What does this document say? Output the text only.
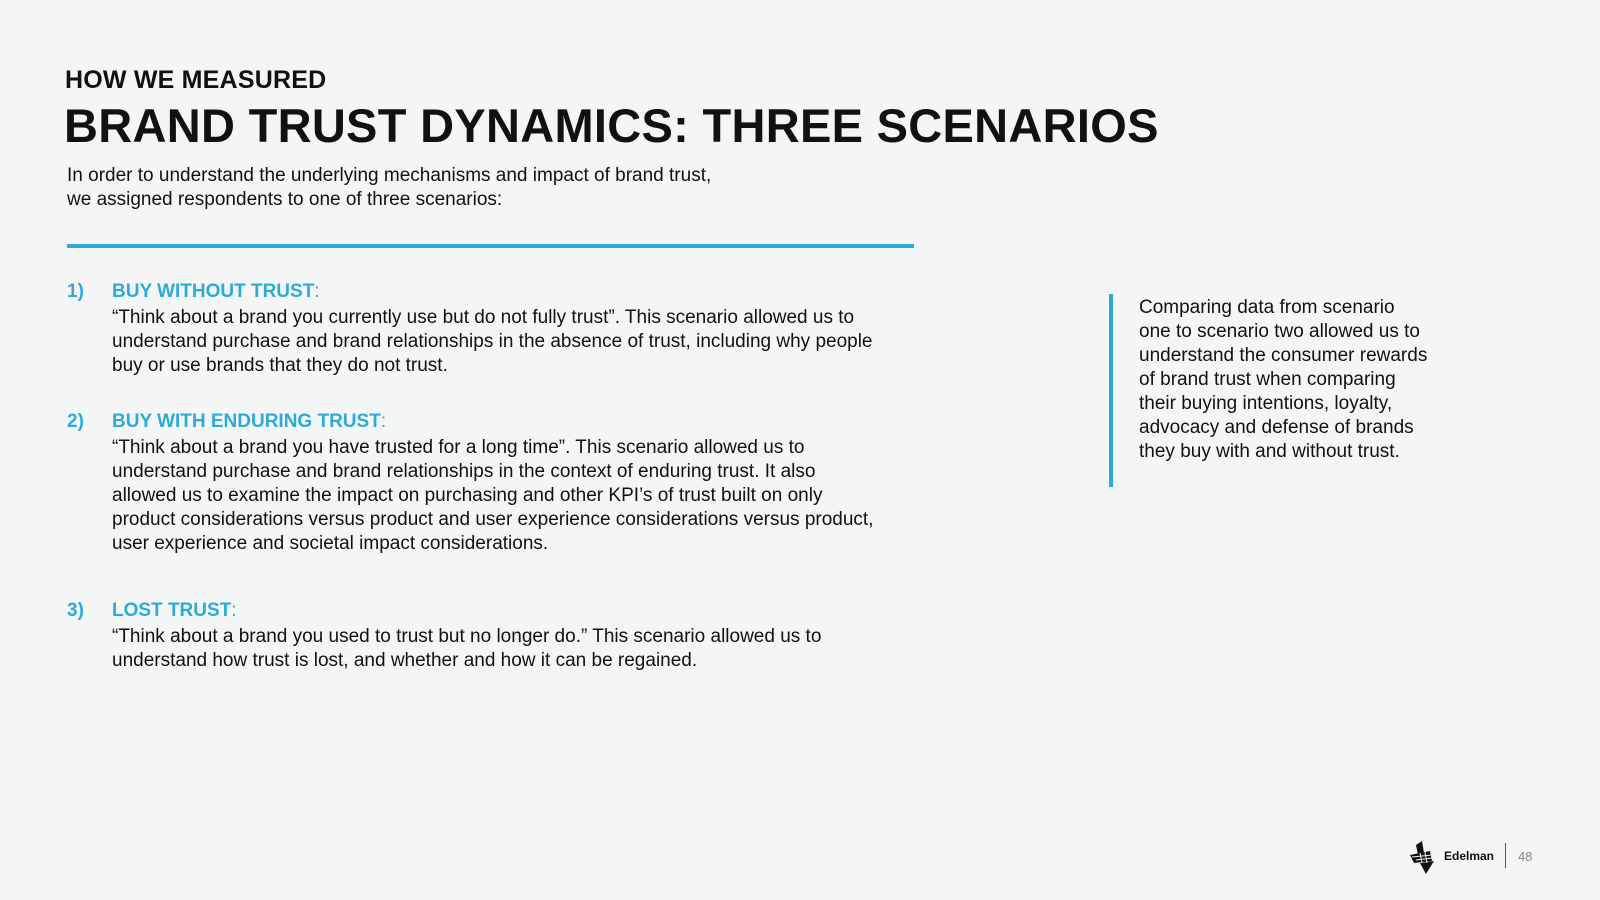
HOW WE MEASURED
BRAND TRUST DYNAMICS: THREE SCENARIOS
In order to understand the underlying mechanisms and impact of brand trust,
we assigned respondents to one of three scenarios:
1) BUY WITHOUT TRUST:
“Think about a brand you currently use but do not fully trust”. This scenario allowed us to understand purchase and brand relationships in the absence of trust, including why people buy or use brands that they do not trust.
2) BUY WITH ENDURING TRUST:
“Think about a brand you have trusted for a long time”. This scenario allowed us to understand purchase and brand relationships in the context of enduring trust. It also allowed us to examine the impact on purchasing and other KPI’s of trust built on only product considerations versus product and user experience considerations versus product, user experience and societal impact considerations.
3) LOST TRUST:
“Think about a brand you used to trust but no longer do.” This scenario allowed us to understand how trust is lost, and whether and how it can be regained.
Comparing data from scenario one to scenario two allowed us to understand the consumer rewards of brand trust when comparing their buying intentions, loyalty, advocacy and defense of brands they buy with and without trust.
Edelman 48
